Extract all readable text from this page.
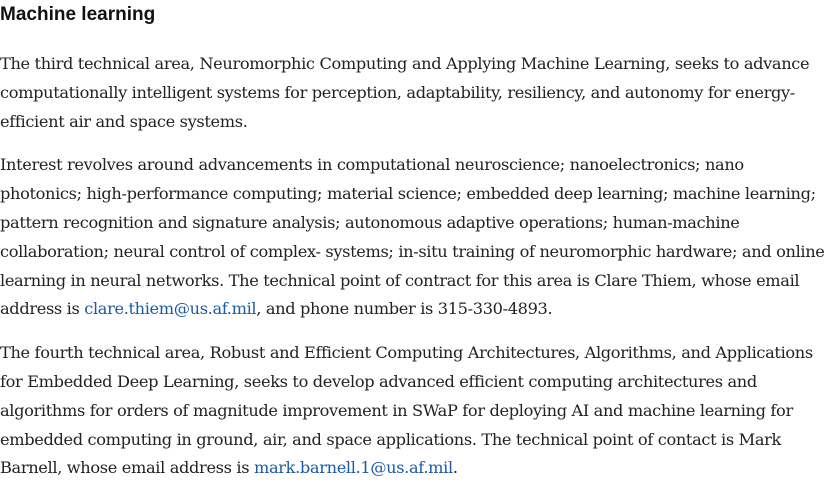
Machine learning

The third technical area, Neuromorphic Computing and Applying Machine Learning, seeks to advance computationally intelligent systems for perception, adaptability, resiliency, and autonomy for energy-efficient air and space systems.

Interest revolves around advancements in computational neuroscience; nanoelectronics; nano photonics; high-performance computing; material science; embedded deep learning; machine learning; pattern recognition and signature analysis; autonomous adaptive operations; human-machine collaboration; neural control of complex- systems; in-situ training of neuromorphic hardware; and online learning in neural networks. The technical point of contract for this area is Clare Thiem, whose email address is clare.thiem@us.af.mil, and phone number is 315-330-4893.

The fourth technical area, Robust and Efficient Computing Architectures, Algorithms, and Applications for Embedded Deep Learning, seeks to develop advanced efficient computing architectures and algorithms for orders of magnitude improvement in SWaP for deploying AI and machine learning for embedded computing in ground, air, and space applications. The technical point of contact is Mark Barnell, whose email address is mark.barnell.1@us.af.mil.
